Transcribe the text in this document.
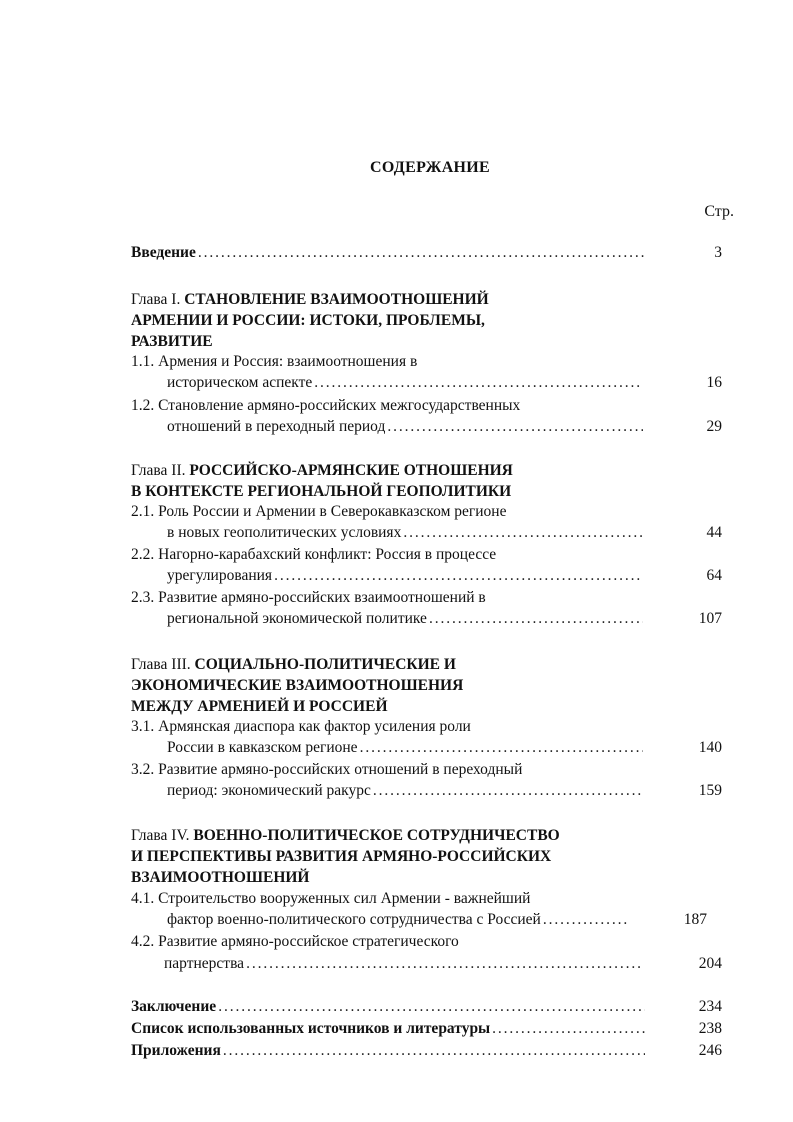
СОДЕРЖАНИЕ
Стр.
Введение . . .	3
Глава I. СТАНОВЛЕНИЕ ВЗАИМООТНОШЕНИЙ
АРМЕНИИ И РОССИИ: ИСТОКИ, ПРОБЛЕМЫ,
РАЗВИТИЕ
1.1. Армения и Россия: взаимоотношения в
историческом аспекте . . .	16
1.2. Становление армяно-российских межгосударственных
отношений в переходный период . . .	29
Глава II. РОССИЙСКО-АРМЯНСКИЕ ОТНОШЕНИЯ
В КОНТЕКСТЕ РЕГИОНАЛЬНОЙ ГЕОПОЛИТИКИ
2.1. Роль России и Армении в Северокавказском регионе
в новых геополитических условиях . . .	44
2.2. Нагорно-карабахский конфликт: Россия в процессе
урегулирования . . .	64
2.3. Развитие армяно-российских взаимоотношений в
региональной экономической политике . . .	107
Глава III. СОЦИАЛЬНО-ПОЛИТИЧЕСКИЕ И
ЭКОНОМИЧЕСКИЕ ВЗАИМООТНОШЕНИЯ
МЕЖДУ АРМЕНИЕЙ И РОССИЕЙ
3.1. Армянская диаспора как фактор усиления роли
России в кавказском регионе . . .	140
3.2. Развитие армяно-российских отношений в переходный
период: экономический ракурс . . .	159
Глава IV. ВОЕННО-ПОЛИТИЧЕСКОЕ СОТРУДНИЧЕСТВО
И ПЕРСПЕКТИВЫ РАЗВИТИЯ АРМЯНО-РОССИЙСКИХ
ВЗАИМООТНОШЕНИЙ
4.1. Строительство вооруженных сил Армении - важнейший
фактор военно-политического сотрудничества с Россией . . .	187
4.2. Развитие армяно-российское стратегического
партнерства . . .	204
Заключение . . .	234
Список использованных источников и литературы . . .	238
Приложения . . .	246
